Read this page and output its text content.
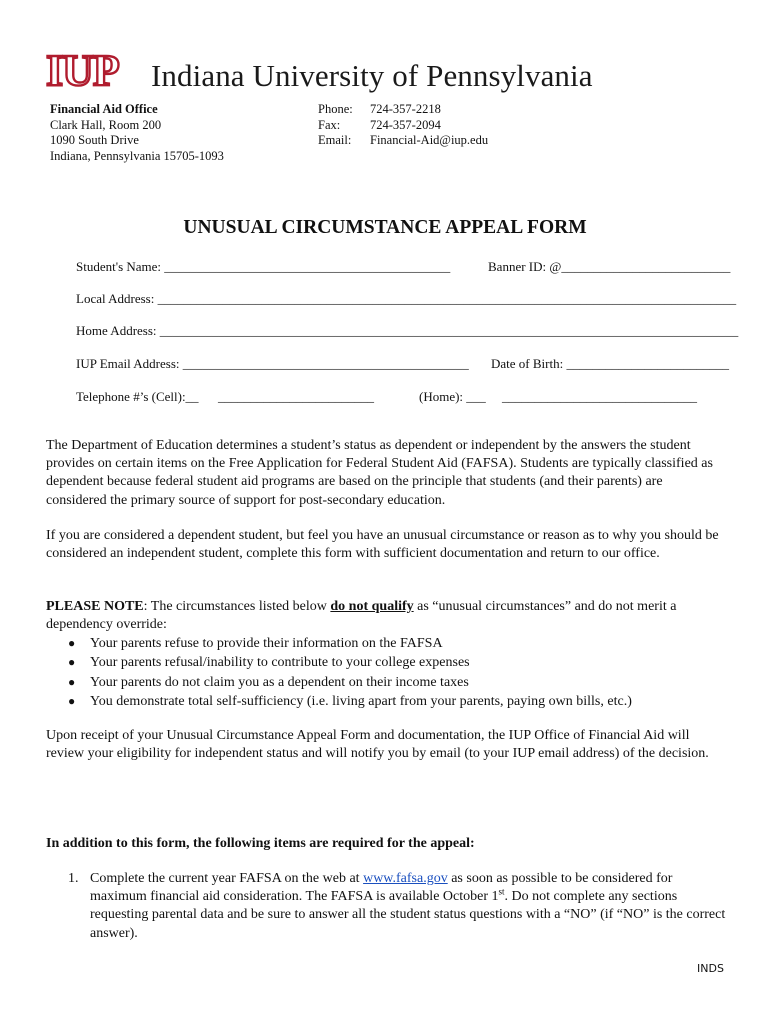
IUP Indiana University of Pennsylvania
Financial Aid Office
Clark Hall, Room 200
1090 South Drive
Indiana, Pennsylvania 15705-1093
Phone:	724-357-2218
Fax:	724-357-2094
Email:	Financial-Aid@iup.edu
UNUSUAL CIRCUMSTANCE APPEAL FORM
Student's Name: ____________________________________________	Banner ID: @__________________________
Local Address: _________________________________________________________________________________________
Home Address: _________________________________________________________________________________________
IUP Email Address: ____________________________________________ Date of Birth: _________________________
Telephone #’s (Cell):__      ________________________	(Home): ___     ______________________________

The Department of Education determines a student’s status as dependent or independent by the answers the student provides on certain items on the Free Application for Federal Student Aid (FAFSA). Students are typically classified as dependent because federal student aid programs are based on the principle that students (and their parents) are considered the primary source of support for post-secondary education.

If you are considered a dependent student, but feel you have an unusual circumstance or reason as to why you should be considered an independent student, complete this form with sufficient documentation and return to our office.

PLEASE NOTE: The circumstances listed below do not qualify as “unusual circumstances” and do not merit a dependency override:

●	Your parents refuse to provide their information on the FAFSA
●	Your parents refusal/inability to contribute to your college expenses
●	Your parents do not claim you as a dependent on their income taxes
●	You demonstrate total self-sufficiency (i.e. living apart from your parents, paying own bills, etc.)

Upon receipt of your Unusual Circumstance Appeal Form and documentation, the IUP Office of Financial Aid will review your eligibility for independent status and will notify you by email (to your IUP email address) of the decision.

In addition to this form, the following items are required for the appeal:
1. Complete the current year FAFSA on the web at www.fafsa.gov as soon as possible to be considered for maximum financial aid consideration. The FAFSA is available October 1st. Do not complete any sections requesting parental data and be sure to answer all the student status questions with a “NO” (if “NO” is the correct answer).
INDS
